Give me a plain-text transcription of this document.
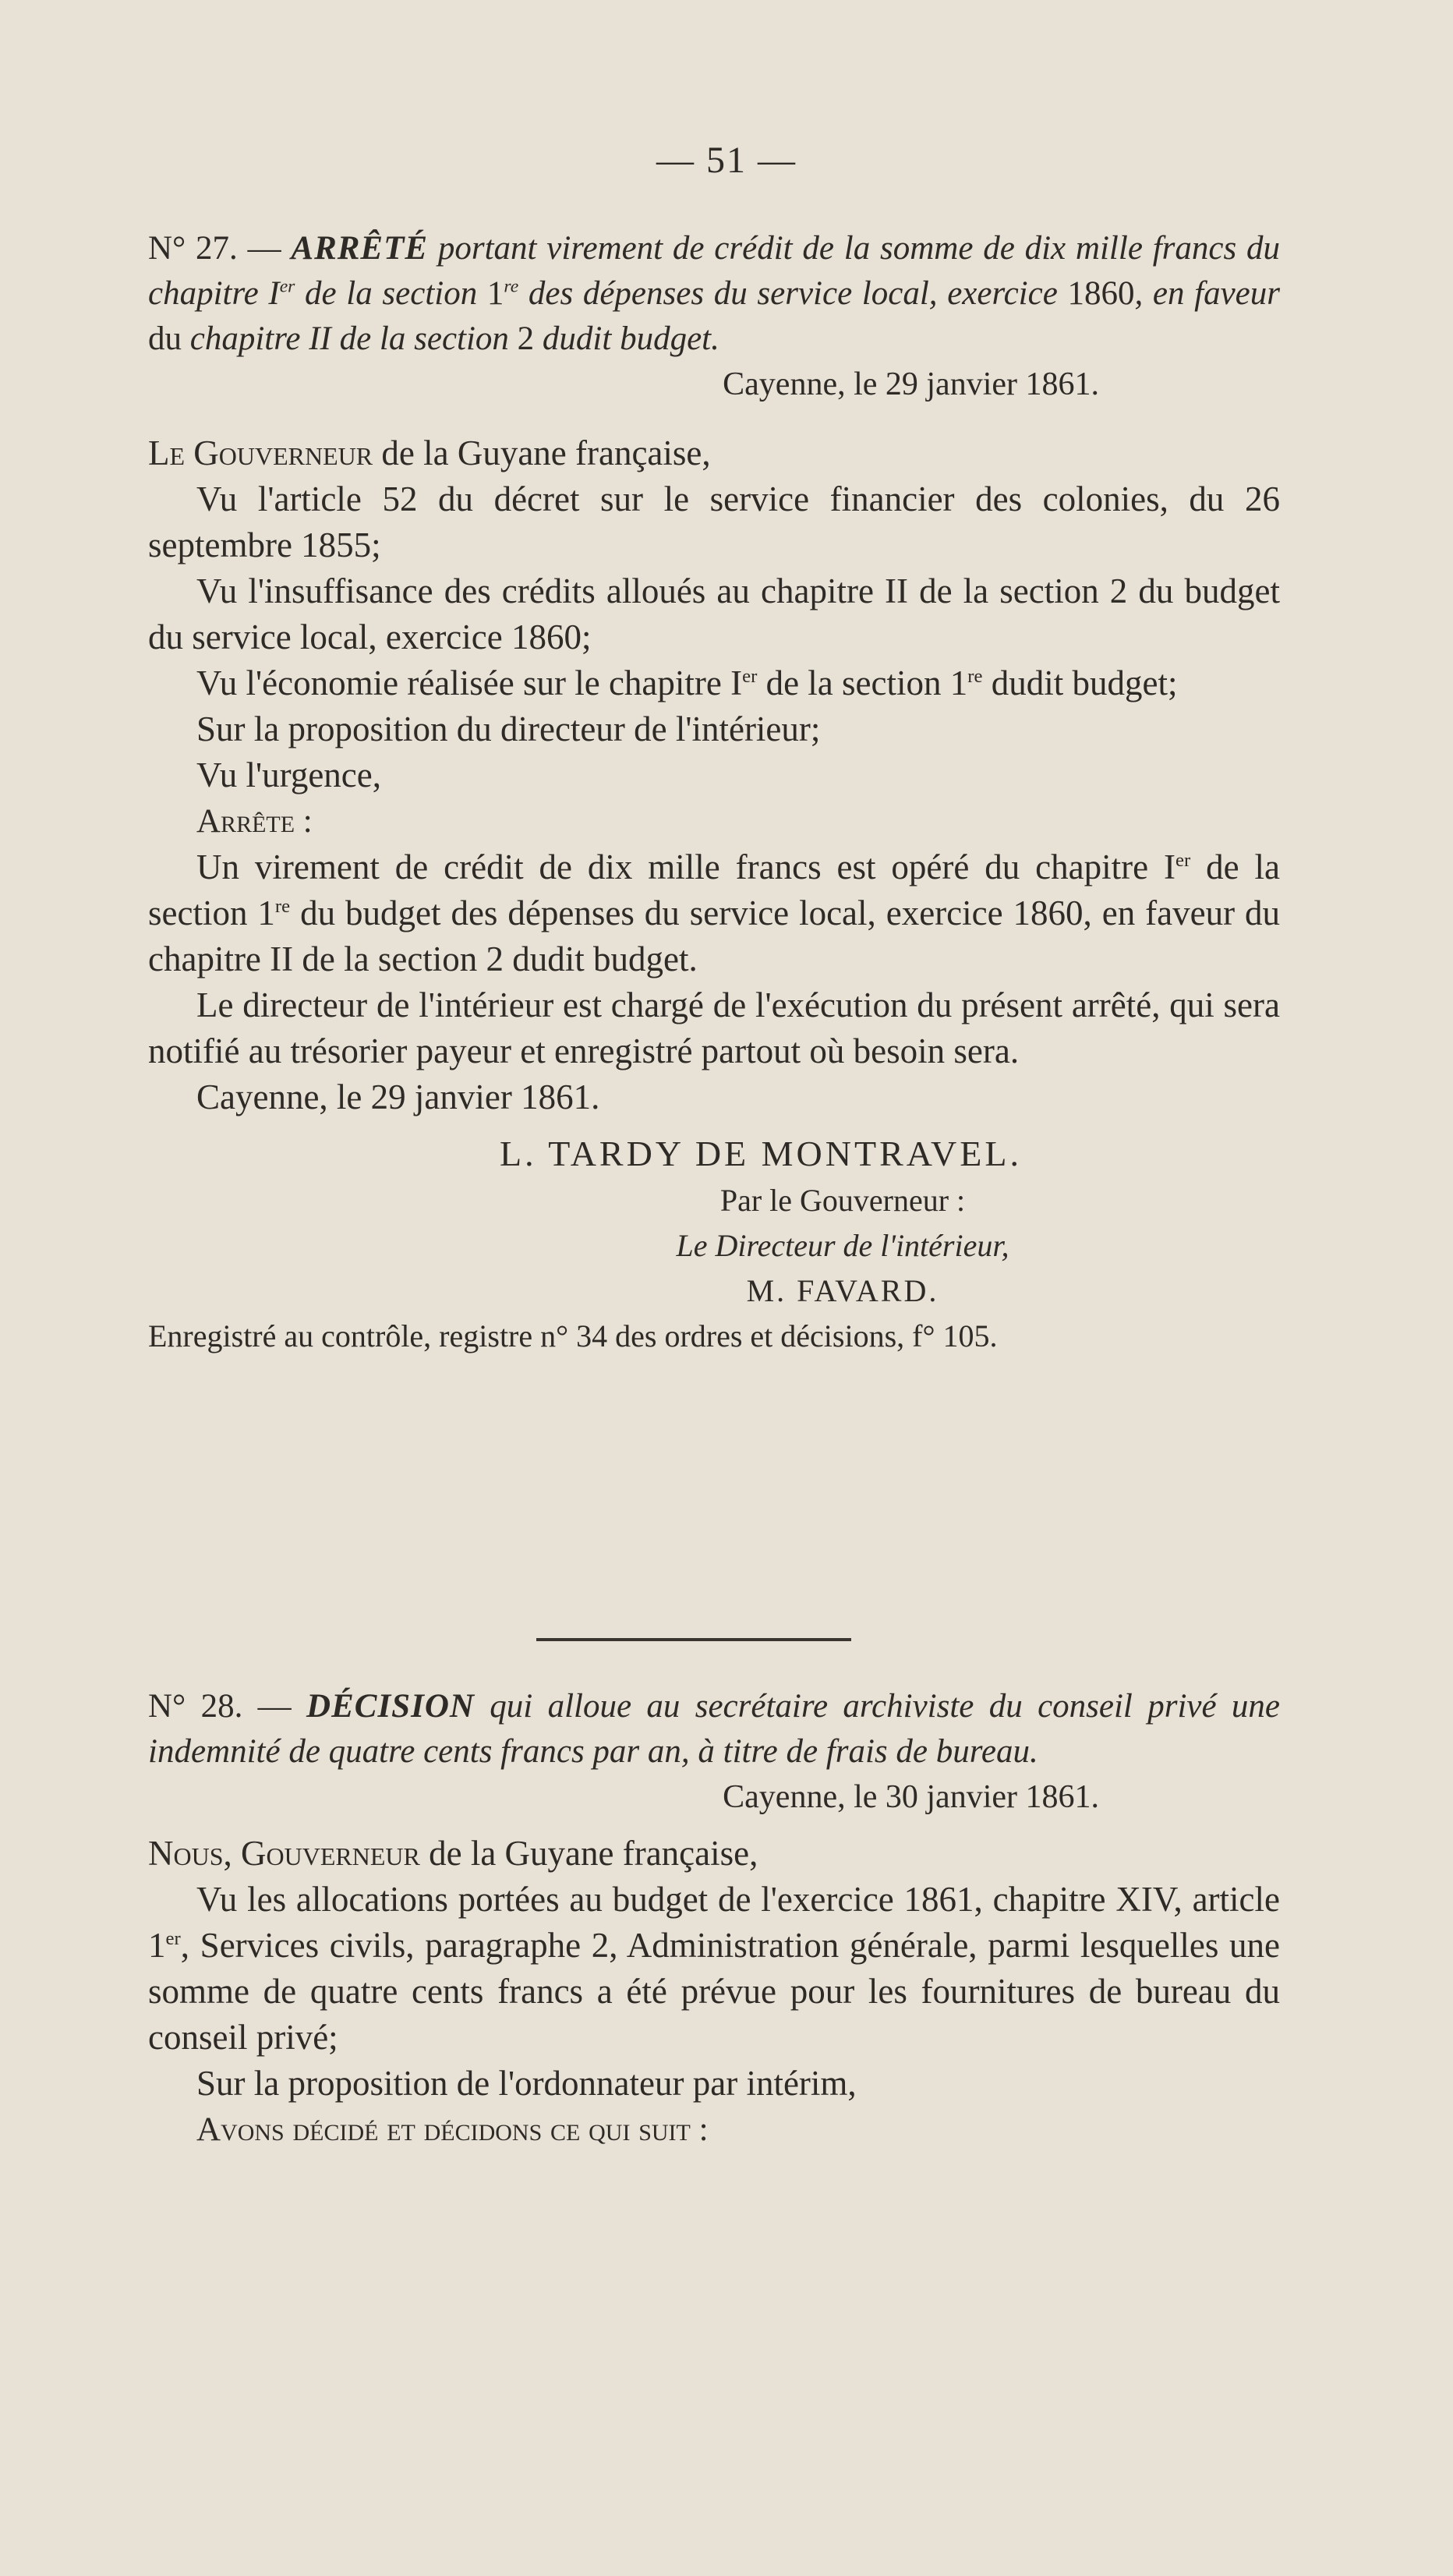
— 51 —
N° 27. — ARRÊTÉ portant virement de crédit de la somme de dix mille francs du chapitre Ier de la section 1re des dépenses du service local, exercice 1860, en faveur du chapitre II de la section 2 dudit budget.
Cayenne, le 29 janvier 1861.

Le Gouverneur de la Guyane française,

Vu l'article 52 du décret sur le service financier des colonies, du 26 septembre 1855;

Vu l'insuffisance des crédits alloués au chapitre II de la section 2 du budget du service local, exercice 1860;

Vu l'économie réalisée sur le chapitre Ier de la section 1re dudit budget;

Sur la proposition du directeur de l'intérieur;

Vu l'urgence,

Arrête :

Un virement de crédit de dix mille francs est opéré du chapitre Ier de la section 1re du budget des dépenses du service local, exercice 1860, en faveur du chapitre II de la section 2 dudit budget.

Le directeur de l'intérieur est chargé de l'exécution du présent arrêté, qui sera notifié au trésorier payeur et enregistré partout où besoin sera.

Cayenne, le 29 janvier 1861.

L. TARDY DE MONTRAVEL.
Par le Gouverneur :
Le Directeur de l'intérieur,
M. FAVARD.
Enregistré au contrôle, registre n° 34 des ordres et décisions, f° 105.
N° 28. — DÉCISION qui alloue au secrétaire archiviste du conseil privé une indemnité de quatre cents francs par an, à titre de frais de bureau.
Cayenne, le 30 janvier 1861.

Nous, Gouverneur de la Guyane française,

Vu les allocations portées au budget de l'exercice 1861, chapitre XIV, article 1er, Services civils, paragraphe 2, Administration générale, parmi lesquelles une somme de quatre cents francs a été prévue pour les fournitures de bureau du conseil privé;

Sur la proposition de l'ordonnateur par intérim,

Avons décidé et décidons ce qui suit :
